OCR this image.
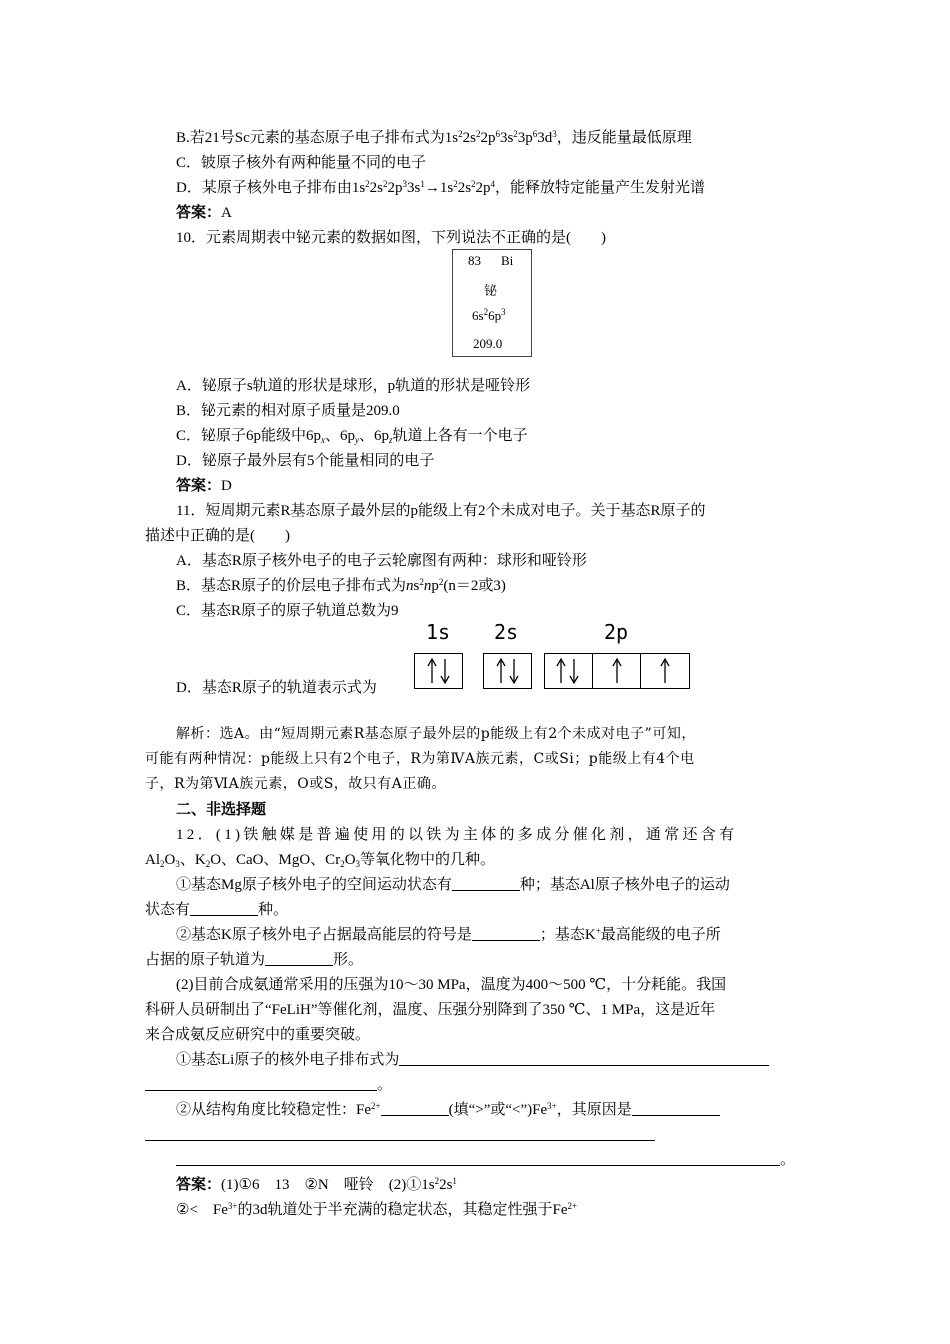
B.若21号Sc元素的基态原子电子排布式为$1s^22s^22p^63s^23p^63d^3$，违反能量最低原理
C．铍原子核外有两种能量不同的电子
D．某原子核外电子排布由$1s^22s^22p^33s^1\to 1s^22s^22p^4$，能释放特定能量产生发射光谱
答案：A
10．元素周期表中铋元素的数据如图，下列说法不正确的是(　　)
83 Bi
铋
$6s^26p^3$
209.0
A．铋原子s轨道的形状是球形，p轨道的形状是哑铃形
B．铋元素的相对原子质量是209.0
C．铋原子6p能级中$6p_x$、$6p_y$、$6p_z$轨道上各有一个电子
D．铋原子最外层有5个能量相同的电子
答案：D
11．短周期元素R基态原子最外层的p能级上有2个未成对电子。关于基态R原子的
描述中正确的是(　　)
A．基态R原子核外电子的电子云轮廓图有两种：球形和哑铃形
B．基态R原子的价层电子排布式为$ns^2np^2(n=2$或3)
C．基态R原子的原子轨道总数为9
D．基态R原子的轨道表示式为
1s 2s	2p
解析：选A。由“短周期元素R基态原子最外层的p能级上有2个未成对电子”可知，
可能有两种情况：p能级上只有2个电子，R为第ⅣA族元素，C或Si；p能级上有4个电
子，R为第ⅥA族元素，O或S，故只有A正确。
二、非选择题
12．(1)铁触媒是普遍使用的以铁为主体的多成分催化剂，通常还含有
$Al_2O_3$、$K_2O$、CaO、MgO、$Cr_2O_3$等氧化物中的几种。
①基态Mg原子核外电子的空间运动状态有	种；基态Al原子核外电子的运动
状态有	种。
②基态K原子核外电子占据最高能层的符号是	；基态K+最高能级的电子所
占据的原子轨道为	形。
(2)目前合成氨通常采用的压强为10～30 MPa，温度为400～500 ℃，十分耗能。我国
科研人员研制出了“FeLiH”等催化剂，温度、压强分别降到了350 ℃、1 MPa，这是近年
来合成氨反应研究中的重要突破。
①基态Li原子的核外电子排布式为
。
②从结构角度比较稳定性：$Fe^{2+}$	(填“>”或“$<”)Fe^{3+}$，其原因是
。
答案：(1)①6　13　②N　哑铃　$(2)①1s^22s^1$
②<　$Fe^{3+}$的3d轨道处于半充满的稳定状态，其稳定性强于$Fe^{2+}$
